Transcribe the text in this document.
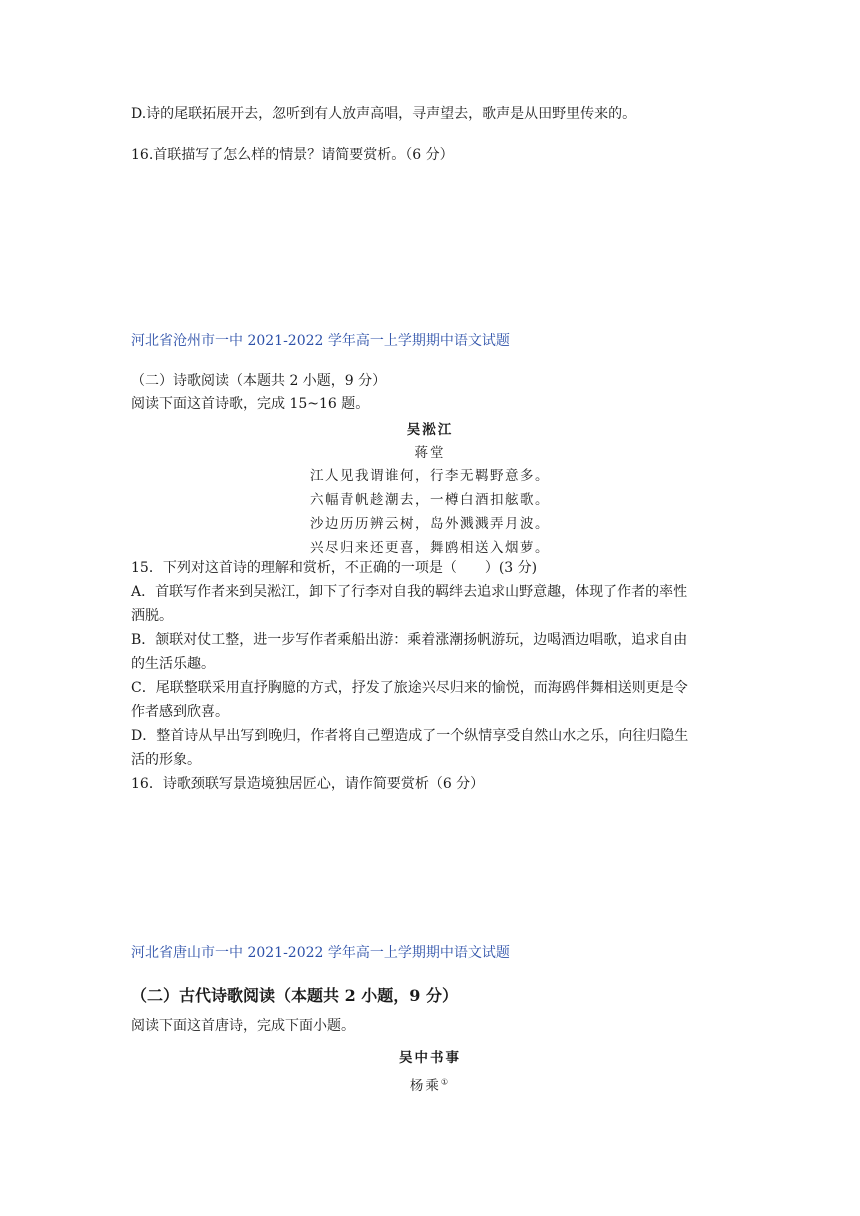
D.诗的尾联拓展开去，忽听到有人放声高唱，寻声望去，歌声是从田野里传来的。
16.首联描写了怎么样的情景？请简要赏析。（6 分）
河北省沧州市一中 2021-2022 学年高一上学期期中语文试题
（二）诗歌阅读（本题共 2 小题，9 分）
阅读下面这首诗歌，完成 15~16 题。
吴淞江
蒋堂
江人见我谓谁何，行李无羁野意多。
六幅青帆趁潮去，一樽白酒扣舷歌。
沙边历历辨云树，岛外溅溅弄月波。
兴尽归来还更喜，舞鸥相送入烟萝。
15．下列对这首诗的理解和赏析，不正确的一项是（　　）(3 分)
A．首联写作者来到吴淞江，卸下了行李对自我的羁绊去追求山野意趣，体现了作者的率性
洒脱。
B．颔联对仗工整，进一步写作者乘船出游：乘着涨潮扬帆游玩，边喝酒边唱歌，追求自由
的生活乐趣。
C．尾联整联采用直抒胸臆的方式，抒发了旅途兴尽归来的愉悦，而海鸥伴舞相送则更是令
作者感到欣喜。
D．整首诗从早出写到晚归，作者将自己塑造成了一个纵情享受自然山水之乐，向往归隐生
活的形象。
16．诗歌颈联写景造境独居匠心，请作简要赏析（6 分）
河北省唐山市一中 2021-2022 学年高一上学期期中语文试题
（二）古代诗歌阅读（本题共 2 小题，9 分）
阅读下面这首唐诗，完成下面小题。
吴中书事
杨乘①
